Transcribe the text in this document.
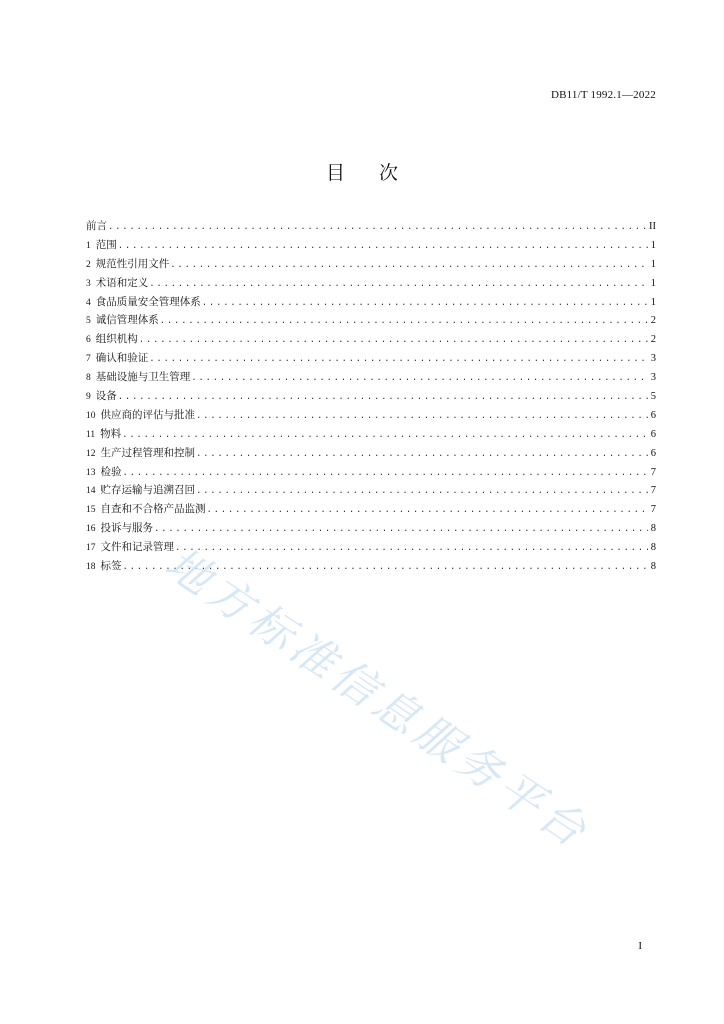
DB11/T 1992.1—2022
目次
前言 .....	II
1 范围 .....	1
2 规范性引用文件 .....	1
3 术语和定义 .....	1
4 食品质量安全管理体系 .....	1
5 诚信管理体系 .....	2
6 组织机构 .....	2
7 确认和验证 .....	3
8 基础设施与卫生管理 .....	3
9 设备 .....	5
10 供应商的评估与批准 .....	6
11 物料 .....	6
12 生产过程管理和控制 .....	6
13 检验 .....	7
14 贮存运输与追溯召回 .....	7
15 自查和不合格产品监测 .....	7
16 投诉与服务 .....	8
17 文件和记录管理 .....	8
18 标签 .....	8
地方标准信息服务平台
I
